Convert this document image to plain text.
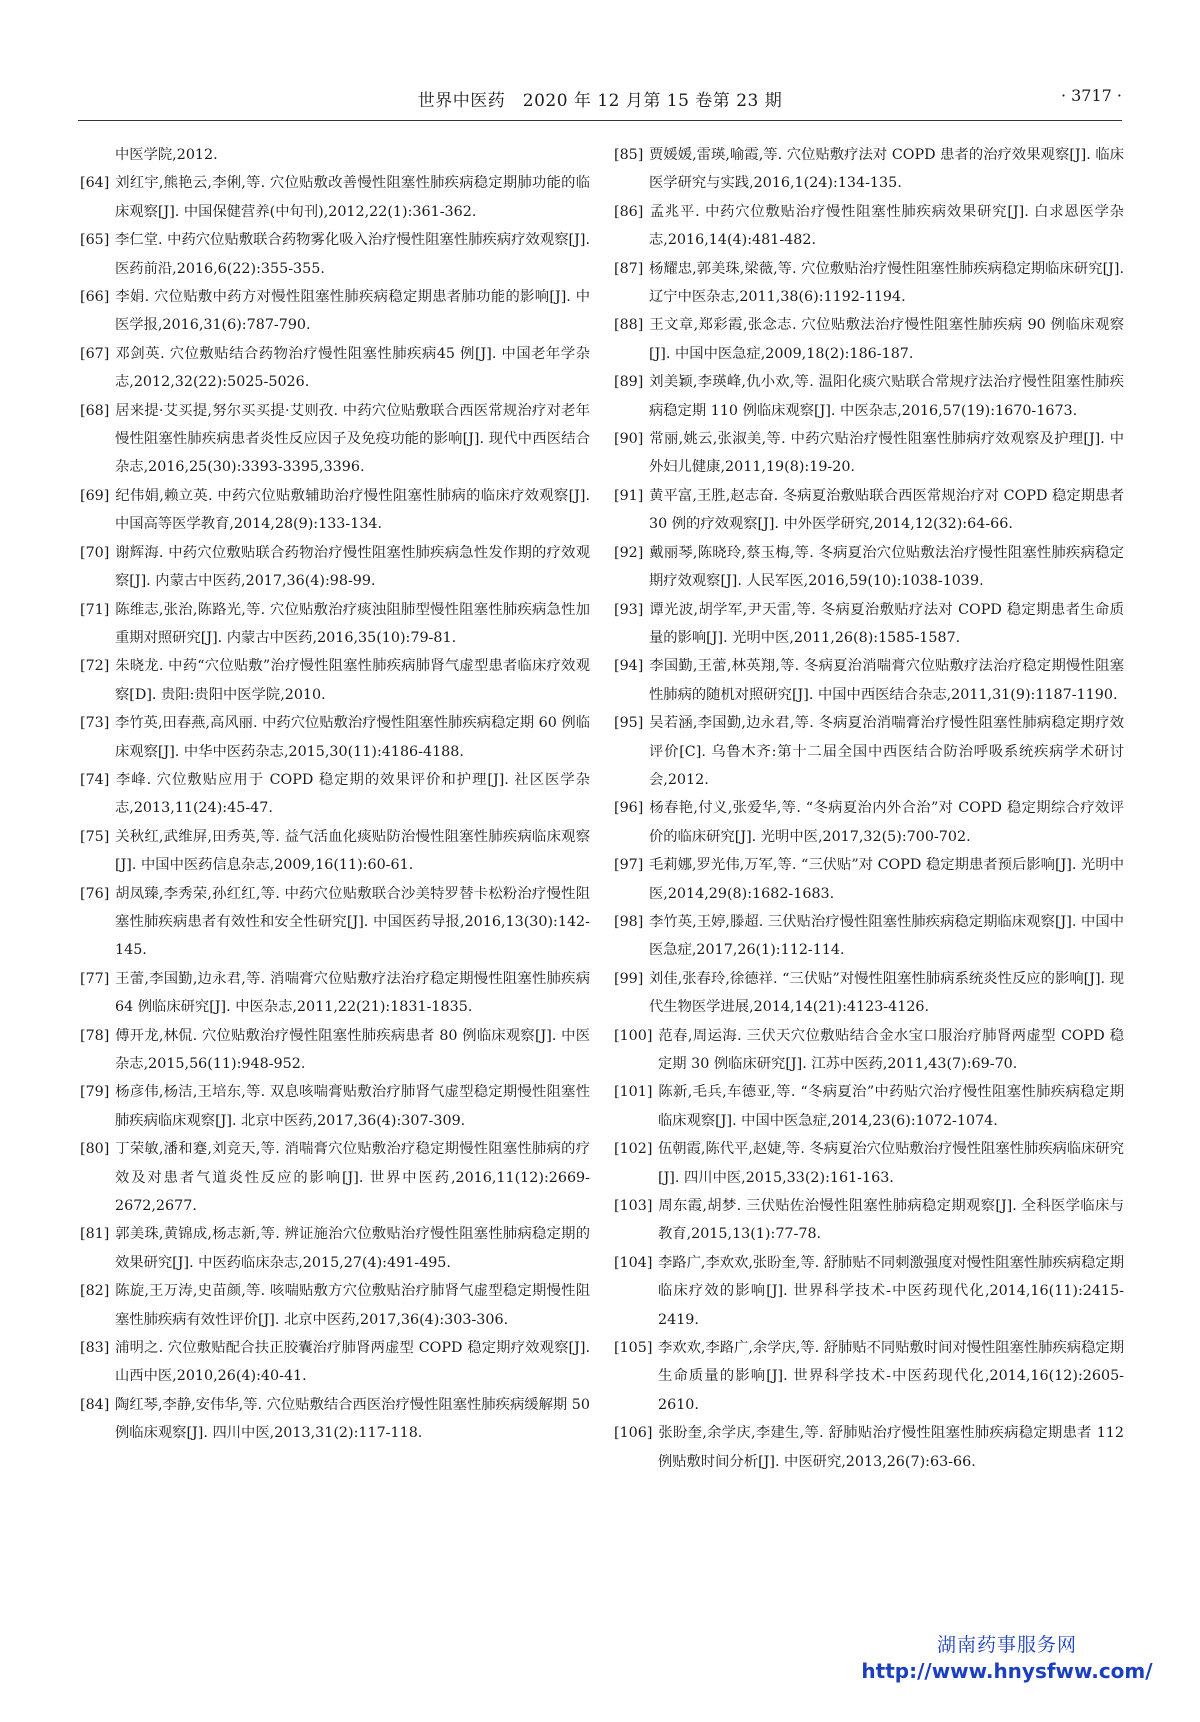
世界中医药　2020 年 12 月第 15 卷第 23 期	· 3717 ·

中医学院,2012.

[64] 刘红宇,熊艳云,李俐,等. 穴位贴敷改善慢性阻塞性肺疾病稳定期肺功能的临床观察[J]. 中国保健营养(中旬刊),2012,22(1):361-362.

[65] 李仁堂. 中药穴位贴敷联合药物雾化吸入治疗慢性阻塞性肺疾病疗效观察[J]. 医药前沿,2016,6(22):355-355.

[66] 李娟. 穴位贴敷中药方对慢性阻塞性肺疾病稳定期患者肺功能的影响[J]. 中医学报,2016,31(6):787-790.

[67] 邓剑英. 穴位敷贴结合药物治疗慢性阻塞性肺疾病45 例[J]. 中国老年学杂志,2012,32(22):5025-5026.

[68] 居来提·艾买提,努尔买买提·艾则孜. 中药穴位贴敷联合西医常规治疗对老年慢性阻塞性肺疾病患者炎性反应因子及免疫功能的影响[J]. 现代中西医结合杂志,2016,25(30):3393-3395,3396.

[69] 纪伟娟,赖立英. 中药穴位贴敷辅助治疗慢性阻塞性肺病的临床疗效观察[J]. 中国高等医学教育,2014,28(9):133-134.

[70] 谢辉海. 中药穴位敷贴联合药物治疗慢性阻塞性肺疾病急性发作期的疗效观察[J]. 内蒙古中医药,2017,36(4):98-99.

[71] 陈维志,张治,陈路光,等. 穴位贴敷治疗痰浊阻肺型慢性阻塞性肺疾病急性加重期对照研究[J]. 内蒙古中医药,2016,35(10):79-81.

[72] 朱晓龙. 中药“穴位贴敷”治疗慢性阻塞性肺疾病肺肾气虚型患者临床疗效观察[D]. 贵阳:贵阳中医学院,2010.

[73] 李竹英,田春燕,高风丽. 中药穴位贴敷治疗慢性阻塞性肺疾病稳定期 60 例临床观察[J]. 中华中医药杂志,2015,30(11):4186-4188.

[74] 李峰. 穴位敷贴应用于 COPD 稳定期的效果评价和护理[J]. 社区医学杂志,2013,11(24):45-47.

[75] 关秋红,武维屏,田秀英,等. 益气活血化痰贴防治慢性阻塞性肺疾病临床观察[J]. 中国中医药信息杂志,2009,16(11):60-61.

[76] 胡凤臻,李秀荣,孙红红,等. 中药穴位贴敷联合沙美特罗替卡松粉治疗慢性阻塞性肺疾病患者有效性和安全性研究[J]. 中国医药导报,2016,13(30):142-145.

[77] 王蕾,李国勤,边永君,等. 消喘膏穴位贴敷疗法治疗稳定期慢性阻塞性肺疾病 64 例临床研究[J]. 中医杂志,2011,22(21):1831-1835.

[78] 傅开龙,林侃. 穴位贴敷治疗慢性阻塞性肺疾病患者 80 例临床观察[J]. 中医杂志,2015,56(11):948-952.

[79] 杨彦伟,杨洁,王培东,等. 双息咳喘膏贴敷治疗肺肾气虚型稳定期慢性阻塞性肺疾病临床观察[J]. 北京中医药,2017,36(4):307-309.

[80] 丁荣敏,潘和蹇,刘竞天,等. 消喘膏穴位贴敷治疗稳定期慢性阻塞性肺病的疗效及对患者气道炎性反应的影响[J]. 世界中医药,2016,11(12):2669-2672,2677.

[81] 郭美珠,黄锦成,杨志新,等. 辨证施治穴位敷贴治疗慢性阻塞性肺病稳定期的效果研究[J]. 中医药临床杂志,2015,27(4):491-495.

[82] 陈旋,王万涛,史苗颜,等. 咳喘贴敷方穴位敷贴治疗肺肾气虚型稳定期慢性阻塞性肺疾病有效性评价[J]. 北京中医药,2017,36(4):303-306.

[83] 浦明之. 穴位敷贴配合扶正胶囊治疗肺肾两虚型 COPD 稳定期疗效观察[J]. 山西中医,2010,26(4):40-41.

[84] 陶红琴,李静,安伟华,等. 穴位贴敷结合西医治疗慢性阻塞性肺疾病缓解期 50 例临床观察[J]. 四川中医,2013,31(2):117-118.

[85] 贾媛媛,雷瑛,喻霞,等. 穴位贴敷疗法对 COPD 患者的治疗效果观察[J]. 临床医学研究与实践,2016,1(24):134-135.

[86] 孟兆平. 中药穴位敷贴治疗慢性阻塞性肺疾病效果研究[J]. 白求恩医学杂志,2016,14(4):481-482.

[87] 杨耀忠,郭美珠,梁薇,等. 穴位敷贴治疗慢性阻塞性肺疾病稳定期临床研究[J]. 辽宁中医杂志,2011,38(6):1192-1194.

[88] 王文章,郑彩霞,张念志. 穴位贴敷法治疗慢性阻塞性肺疾病 90 例临床观察[J]. 中国中医急症,2009,18(2):186-187.

[89] 刘美颖,李瑛峰,仇小欢,等. 温阳化痰穴贴联合常规疗法治疗慢性阻塞性肺疾病稳定期 110 例临床观察[J]. 中医杂志,2016,57(19):1670-1673.

[90] 常丽,姚云,张淑美,等. 中药穴贴治疗慢性阻塞性肺病疗效观察及护理[J]. 中外妇儿健康,2011,19(8):19-20.

[91] 黄平富,王胜,赵志奋. 冬病夏治敷贴联合西医常规治疗对 COPD 稳定期患者 30 例的疗效观察[J]. 中外医学研究,2014,12(32):64-66.

[92] 戴丽琴,陈晓玲,蔡玉梅,等. 冬病夏治穴位贴敷法治疗慢性阻塞性肺疾病稳定期疗效观察[J]. 人民军医,2016,59(10):1038-1039.

[93] 谭光波,胡学军,尹天雷,等. 冬病夏治敷贴疗法对 COPD 稳定期患者生命质量的影响[J]. 光明中医,2011,26(8):1585-1587.

[94] 李国勤,王蕾,林英翔,等. 冬病夏治消喘膏穴位贴敷疗法治疗稳定期慢性阻塞性肺病的随机对照研究[J]. 中国中西医结合杂志,2011,31(9):1187-1190.

[95] 吴若涵,李国勤,边永君,等. 冬病夏治消喘膏治疗慢性阻塞性肺病稳定期疗效评价[C]. 乌鲁木齐:第十二届全国中西医结合防治呼吸系统疾病学术研讨会,2012.

[96] 杨春艳,付义,张爱华,等. “冬病夏治内外合治”对 COPD 稳定期综合疗效评价的临床研究[J]. 光明中医,2017,32(5):700-702.

[97] 毛莉娜,罗光伟,万军,等. “三伏贴”对 COPD 稳定期患者预后影响[J]. 光明中医,2014,29(8):1682-1683.

[98] 李竹英,王婷,滕超. 三伏贴治疗慢性阻塞性肺疾病稳定期临床观察[J]. 中国中医急症,2017,26(1):112-114.

[99] 刘佳,张春玲,徐德祥. “三伏贴”对慢性阻塞性肺病系统炎性反应的影响[J]. 现代生物医学进展,2014,14(21):4123-4126.

[100] 范春,周运海. 三伏天穴位敷贴结合金水宝口服治疗肺肾两虚型 COPD 稳定期 30 例临床研究[J]. 江苏中医药,2011,43(7):69-70.

[101] 陈新,毛兵,车德亚,等. “冬病夏治”中药贴穴治疗慢性阻塞性肺疾病稳定期临床观察[J]. 中国中医急症,2014,23(6):1072-1074.

[102] 伍朝霞,陈代平,赵婕,等. 冬病夏治穴位贴敷治疗慢性阻塞性肺疾病临床研究[J]. 四川中医,2015,33(2):161-163.

[103] 周东霞,胡梦. 三伏贴佐治慢性阻塞性肺病稳定期观察[J]. 全科医学临床与教育,2015,13(1):77-78.

[104] 李路广,李欢欢,张盼奎,等. 舒肺贴不同刺激强度对慢性阻塞性肺疾病稳定期临床疗效的影响[J]. 世界科学技术-中医药现代化,2014,16(11):2415-2419.

[105] 李欢欢,李路广,余学庆,等. 舒肺贴不同贴敷时间对慢性阻塞性肺疾病稳定期生命质量的影响[J]. 世界科学技术-中医药现代化,2014,16(12):2605-2610.

[106] 张盼奎,余学庆,李建生,等. 舒肺贴治疗慢性阻塞性肺疾病稳定期患者 112 例贴敷时间分析[J]. 中医研究,2013,26(7):63-66.

湖南药事服务网
http://www.hnysfww.com/
